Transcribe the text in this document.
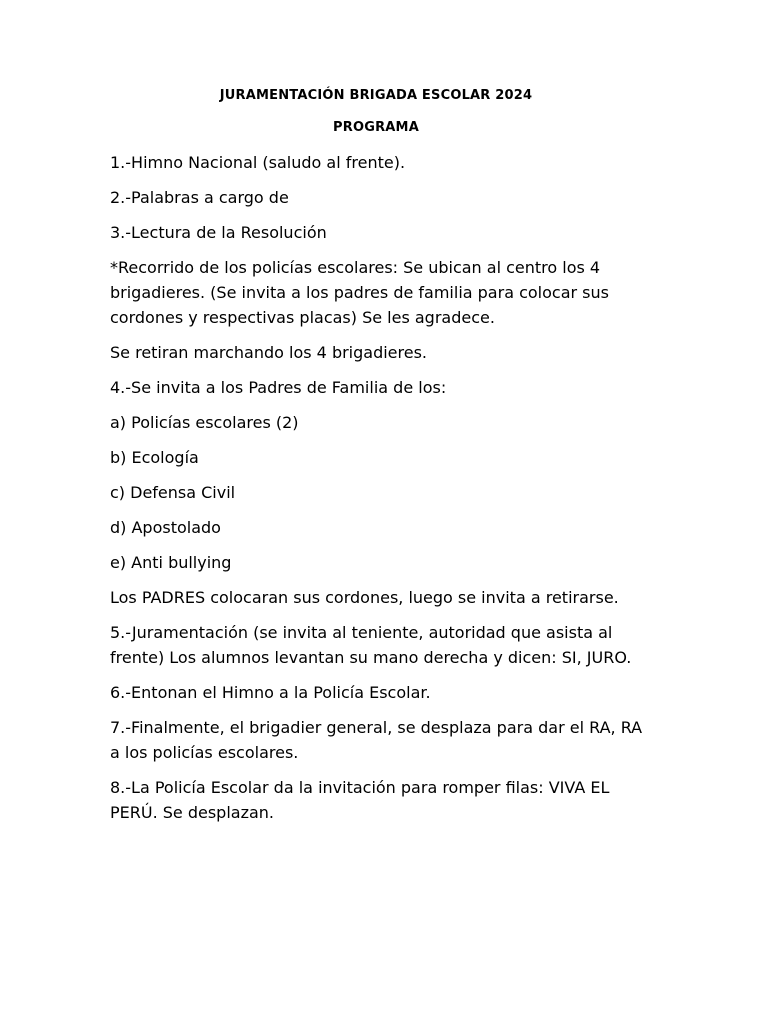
JURAMENTACIÓN BRIGADA ESCOLAR 2024
PROGRAMA

1.-Himno Nacional (saludo al frente).

2.-Palabras a cargo de

3.-Lectura de la Resolución

*Recorrido de los policías escolares: Se ubican al centro los 4 brigadieres. (Se invita a los padres de familia para colocar sus cordones y respectivas placas) Se les agradece.

Se retiran marchando los 4 brigadieres.

4.-Se invita a los Padres de Familia de los:

a) Policías escolares (2)

b) Ecología

c) Defensa Civil

d) Apostolado

e) Anti bullying

Los PADRES colocaran sus cordones, luego se invita a retirarse.

5.-Juramentación (se invita al teniente, autoridad que asista al frente) Los alumnos levantan su mano derecha y dicen: SI, JURO.

6.-Entonan el Himno a la Policía Escolar.

7.-Finalmente, el brigadier general, se desplaza para dar el RA, RA a los policías escolares.

8.-La Policía Escolar da la invitación para romper filas: VIVA EL PERÚ. Se desplazan.
